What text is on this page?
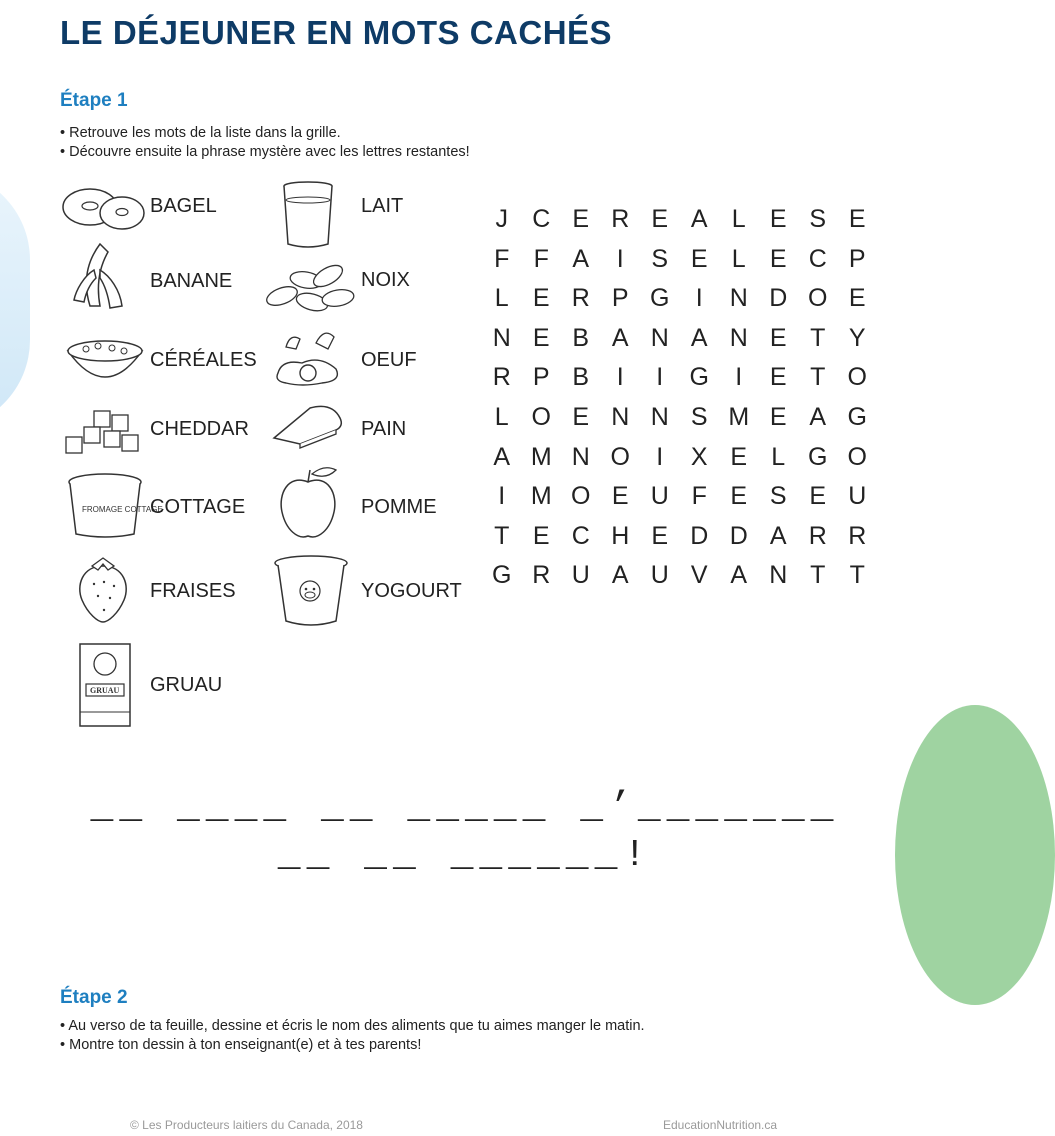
LE DÉJEUNER EN MOTS CACHÉS
Étape 1
• Retrouve les mots de la liste dans la grille.
• Découvre ensuite la phrase mystère avec les lettres restantes!
FROMAGE COTTAGE
GRUAU
BAGEL
BANANE
CÉRÉALES
CHEDDAR
COTTAGE
FRAISES
GRUAU
LAIT
NOIX
OEUF
PAIN
POMME
YOGOURT
J C E R E A L E S E
F F A	I	S E L E C P
L E R P G	I	N D O E
N E B A N A N E T Y
R P B	I	I	G	I	E T O
L O E N N S M E A G
A M N O	I	X E L G O
I	M O E U F E S E U
T E C H E D D A R R
G R U A U V A N T T
__ ____ __ _____ _’_______
__ __ ______!
Étape 2
• Au verso de ta feuille, dessine et écris le nom des aliments que tu aimes manger le matin.
• Montre ton dessin à ton enseignant(e) et à tes parents!
© Les Producteurs laitiers du Canada, 2018	EducationNutrition.ca
